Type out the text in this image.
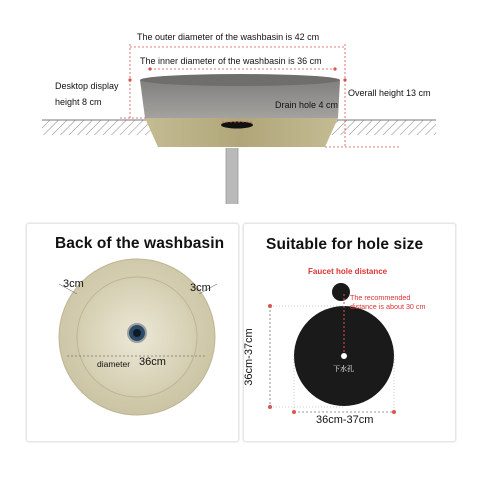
The outer diameter of the washbasin is 42 cm
The inner diameter of the washbasin is 36 cm
Desktop display
height 8 cm	Drain hole 4 cm
Overall height 13 cm
Back of the washbasin
3cm	3cm
diameter 36cm
Suitable for hole size
Faucet hole distance
The recommended
distance is about 30 cm
36cm-37cm
36cm-37cm
下水孔
